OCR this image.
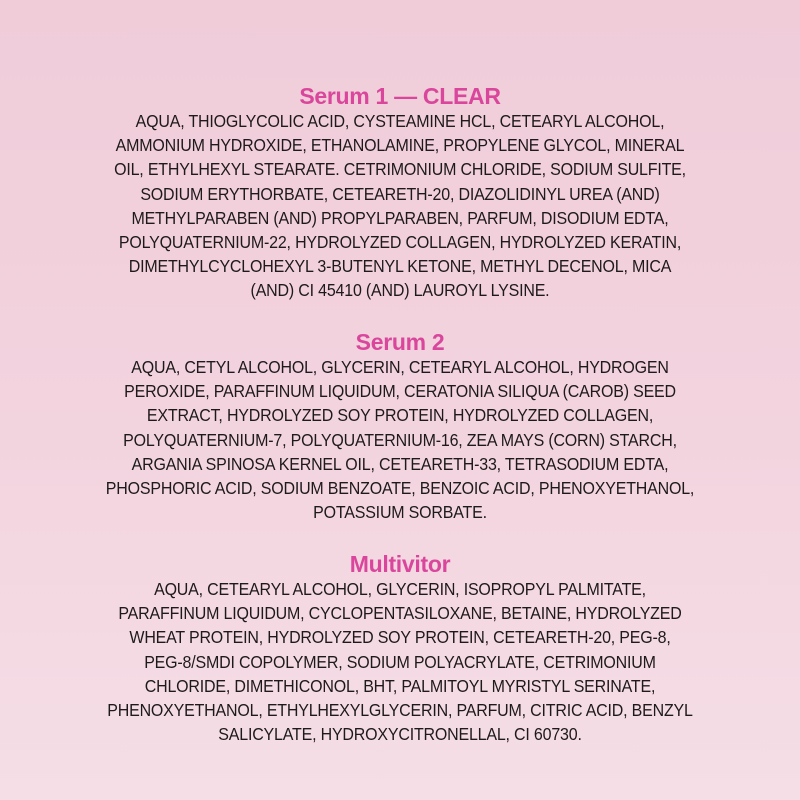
Serum 1 — CLEAR

AQUA, THIOGLYCOLIC ACID, CYSTEAMINE HCL, CETEARYL ALCOHOL,
AMMONIUM HYDROXIDE, ETHANOLAMINE, PROPYLENE GLYCOL, MINERAL
OIL, ETHYLHEXYL STEARATE. CETRIMONIUM CHLORIDE, SODIUM SULFITE,
SODIUM ERYTHORBATE, CETEARETH-20, DIAZOLIDINYL UREA (AND)
METHYLPARABEN (AND) PROPYLPARABEN, PARFUM, DISODIUM EDTA,
POLYQUATERNIUM-22, HYDROLYZED COLLAGEN, HYDROLYZED KERATIN,
DIMETHYLCYCLOHEXYL 3-BUTENYL KETONE, METHYL DECENOL, MICA
(AND) CI 45410 (AND) LAUROYL LYSINE.

Serum 2

AQUA, CETYL ALCOHOL, GLYCERIN, CETEARYL ALCOHOL, HYDROGEN
PEROXIDE, PARAFFINUM LIQUIDUM, CERATONIA SILIQUA (CAROB) SEED
EXTRACT, HYDROLYZED SOY PROTEIN, HYDROLYZED COLLAGEN,
POLYQUATERNIUM-7, POLYQUATERNIUM-16, ZEA MAYS (CORN) STARCH,
ARGANIA SPINOSA KERNEL OIL, CETEARETH-33, TETRASODIUM EDTA,
PHOSPHORIC ACID, SODIUM BENZOATE, BENZOIC ACID, PHENOXYETHANOL,
POTASSIUM SORBATE.

Multivitor

AQUA, CETEARYL ALCOHOL, GLYCERIN, ISOPROPYL PALMITATE,
PARAFFINUM LIQUIDUM, CYCLOPENTASILOXANE, BETAINE, HYDROLYZED
WHEAT PROTEIN, HYDROLYZED SOY PROTEIN, CETEARETH-20, PEG-8,
PEG-8/SMDI COPOLYMER, SODIUM POLYACRYLATE, CETRIMONIUM
CHLORIDE, DIMETHICONOL, BHT, PALMITOYL MYRISTYL SERINATE,
PHENOXYETHANOL, ETHYLHEXYLGLYCERIN, PARFUM, CITRIC ACID, BENZYL
SALICYLATE, HYDROXYCITRONELLAL, CI 60730.
